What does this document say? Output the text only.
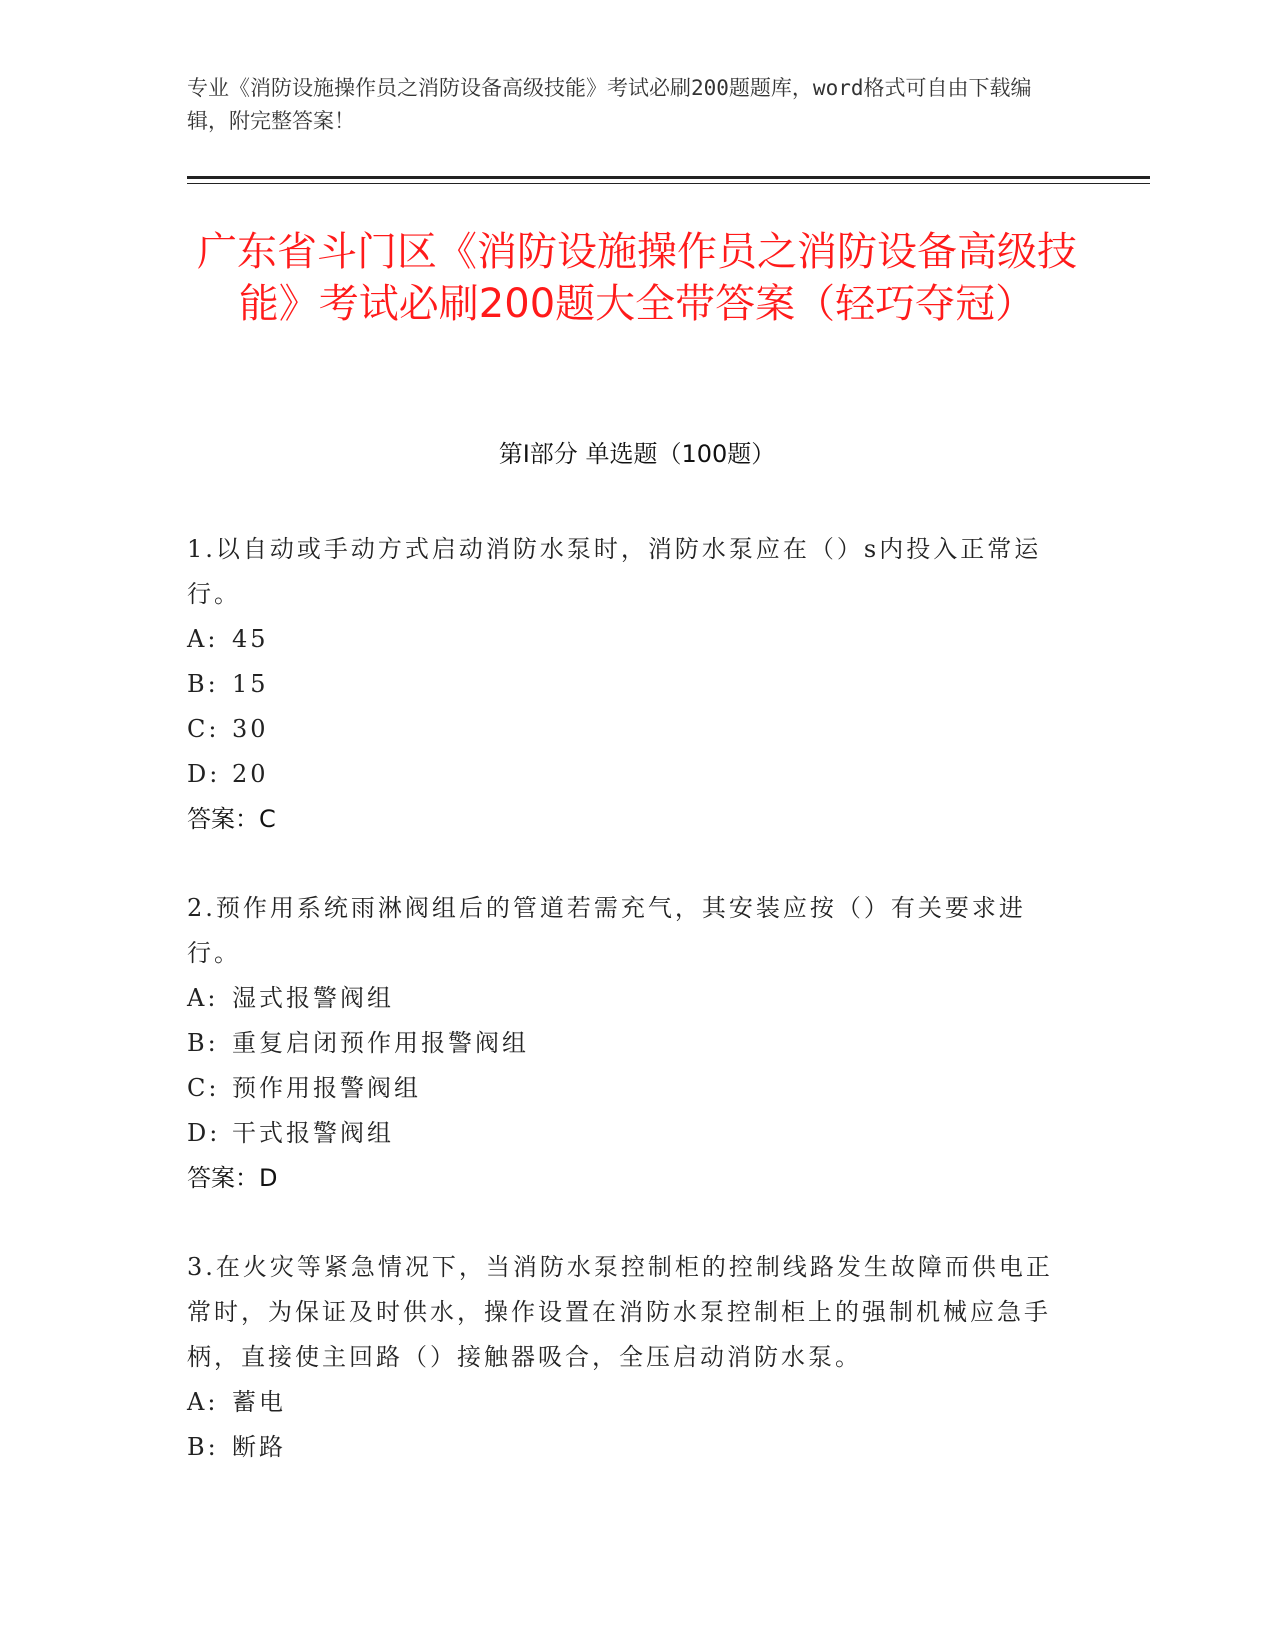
专业《消防设施操作员之消防设备高级技能》考试必刷200题题库，word格式可自由下载编辑，附完整答案！
广东省斗门区《消防设施操作员之消防设备高级技能》考试必刷200题大全带答案（轻巧夺冠）
第Ⅰ部分 单选题（100题）
1.以自动或手动方式启动消防水泵时，消防水泵应在（）s内投入正常运行。
A: 45
B: 15
C: 30
D: 20
答案：C
2.预作用系统雨淋阀组后的管道若需充气，其安装应按（）有关要求进行。
A: 湿式报警阀组
B: 重复启闭预作用报警阀组
C: 预作用报警阀组
D: 干式报警阀组
答案：D
3.在火灾等紧急情况下，当消防水泵控制柜的控制线路发生故障而供电正常时，为保证及时供水，操作设置在消防水泵控制柜上的强制机械应急手柄，直接使主回路（）接触器吸合，全压启动消防水泵。
A: 蓄电
B: 断路
